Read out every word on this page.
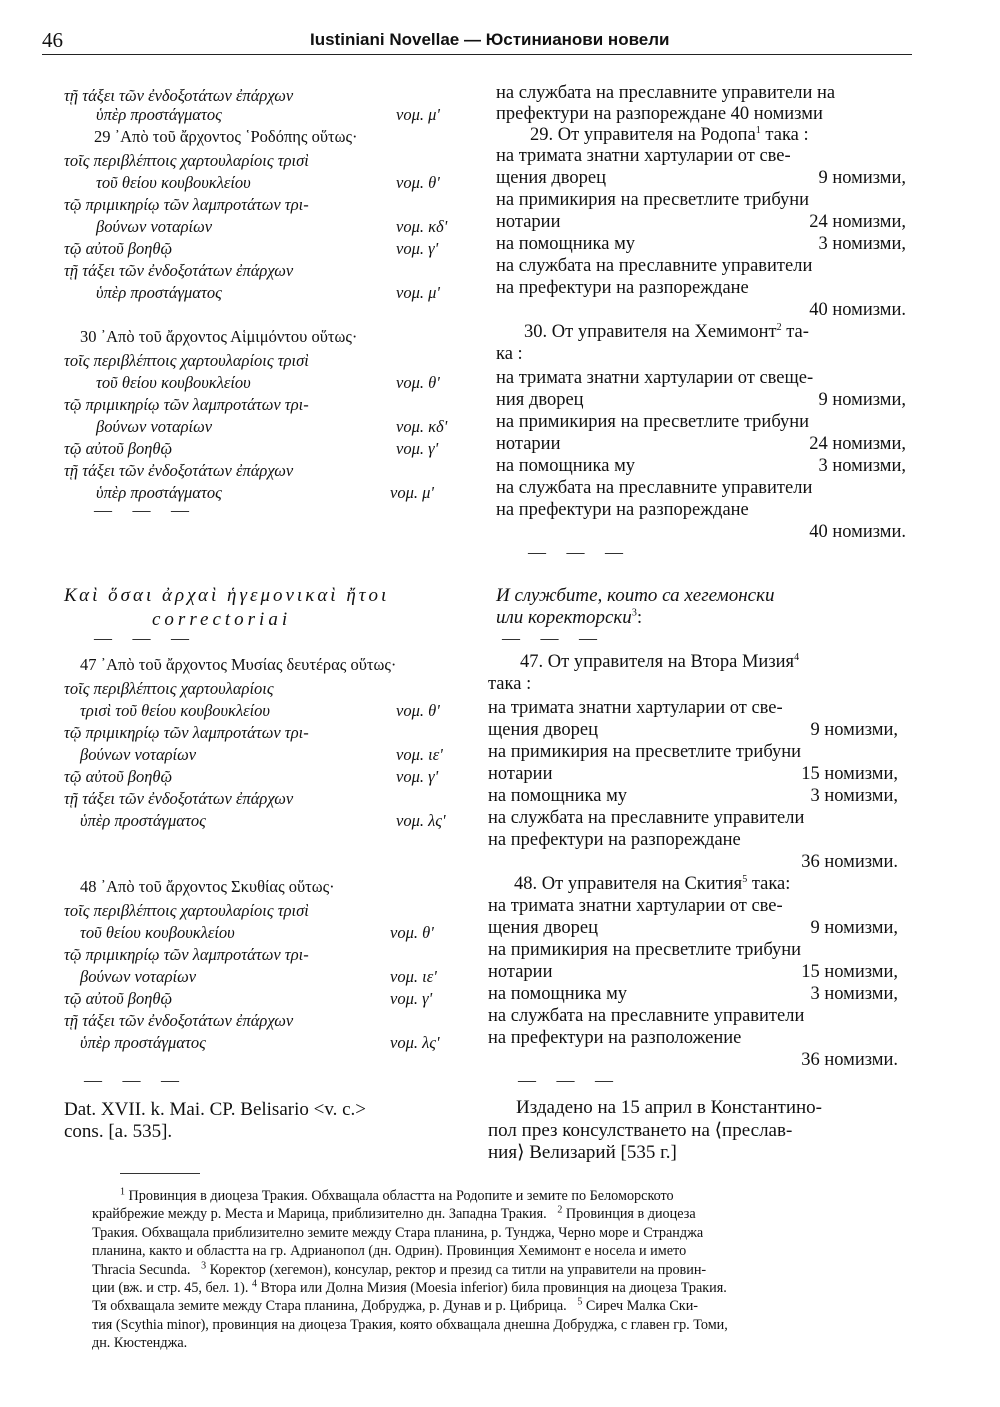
46	Iustiniani Novellae — Юстинианови новели
τῇ τάξει τῶν ἐνδοξοτάτων ἐπάρχων
ὑπὲρ προστάγματος	νομ. μ'
29 ᾿Απὸ τοῦ ἄρχοντος ῾Ροδόπης οὕτως·
τοῖς περιβλέπτοις χαρτουλαρίοις τρισὶ
τοῦ θείου κουβουκλείου	νομ. θ'
τῷ πριμικηρίῳ τῶν λαμπροτάτων τρι-
βούνων νοταρίων	νομ. κδ'
τῷ αὐτοῦ βοηθῷ	νομ. γ'
τῇ τάξει τῶν ἐνδοξοτάτων ἐπάρχων
ὑπὲρ προστάγματος	νομ. μ'
30 ᾿Απὸ τοῦ ἄρχοντος Αἱμιμόντου οὕτως·
τοῖς περιβλέπτοις χαρτουλαρίοις τρισὶ
τοῦ θείου κουβουκλείου	νομ. θ'
τῷ πριμικηρίῳ τῶν λαμπροτάτων τρι-
βούνων νοταρίων	νομ. κδ'
τῷ αὐτοῦ βοηθῷ	νομ. γ'
τῇ τάξει τῶν ἐνδοξοτάτων ἐπάρχων
ὑπὲρ προστάγματος	νομ. μ'
— — —
Καὶ ὅσαι ἀρχαὶ ἡγεμονικαὶ ἤτοι
correctoriai
— — —
47 ᾿Απὸ τοῦ ἄρχοντος Μυσίας δευτέρας οὕτως·
τοῖς περιβλέπτοις χαρτουλαρίοις
τρισὶ τοῦ θείου κουβουκλείου	νομ. θ'
τῷ πριμικηρίῳ τῶν λαμπροτάτων τρι-
βούνων νοταρίων	νομ. ιε'
τῷ αὐτοῦ βοηθῷ	νομ. γ'
τῇ τάξει τῶν ἐνδοξοτάτων ἐπάρχων
ὑπὲρ προστάγματος	νομ. λς'
48 ᾿Απὸ τοῦ ἄρχοντος Σκυθίας οὕτως·
τοῖς περιβλέπτοις χαρτουλαρίοις τρισὶ
τοῦ θείου κουβουκλείου	νομ. θ'
τῷ πριμικηρίῳ τῶν λαμπροτάτων τρι-
βούνων νοταρίων	νομ. ιε'
τῷ αὐτοῦ βοηθῷ	νομ. γ'
τῇ τάξει τῶν ἐνδοξοτάτων ἐπάρχων
ὑπὲρ προστάγματος	νομ. λς'
— — —
Dat. XVII. k. Mai. CP. Belisario <v. c.>
cons. [a. 535].
на службата на преславните управители на
префектури на разпореждане 40 номизми
29. От управителя на Родопа$^1$ така :
на тримата знатни хартуларии от све-
щения дворец	9 номизми,
на примикирия на пресветлите трибуни
нотарии	24 номизми,
на помощника му	3 номизми,
на службата на преславните управители
на префектури на разпореждане
40 номизми.
30. От управителя на Хемимонт$^2$ та-
ка :
на тримата знатни хартуларии от свеще-
ния дворец	9 номизми,
на примикирия на пресветлите трибуни
нотарии	24 номизми,
на помощника му	3 номизми,
на службата на преславните управители
на префектури на разпореждане
40 номизми.
— — —
И службите, които са хегемонски
или коректорски$^3$:
— — —
47. От управителя на Втора Мизия$^4$
така :
на тримата знатни хартуларии от све-
щения дворец	9 номизми,
на примикирия на пресветлите трибуни
нотарии	15 номизми,
на помощника му	3 номизми,
на службата на преславните управители
на префектури на разпореждане
36 номизми.
48. От управителя на Скития$^5$ така:
на тримата знатни хартуларии от све-
щения дворец	9 номизми,
на примикирия на пресветлите трибуни
нотарии	15 номизми,
на помощника му	3 номизми,
на службата на преславните управители
на префектури на разположение
36 номизми.
— — —
Издадено на 15 април в Константино-
пол през консулстването на ⟨преслав-
ния⟩ Велизарий [535 г.]
$^1$ Провинция в диоцеза Тракия. Обхващала областта на Родопите и земите по Беломорското
крайбрежие между р. Места и Марица, приблизително дн. Западна Тракия. $^2$ Провинция в диоцеза
Тракия. Обхващала приблизително земите между Стара планина, р. Тунджа, Черно море и Странджа
планина, както и областта на гр. Адрианопол (дн. Одрин). Провинция Хемимонт е носела и името
Thracia Secunda. $^3$ Коректор (хегемон), консулар, ректор и презид са титли на управители на провин-
ции (вж. и стр. 45, бел. 1). $^4$ Втора или Долна Мизия (Moesia inferior) била провинция на диоцеза Тракия.
Тя обхващала земите между Стара планина, Добруджа, р. Дунав и р. Цибрица. $^5$ Сиреч Малка Ски-
тия (Scythia minor), провинция на диоцеза Тракия, която обхващала днешна Добруджа, с главен гр. Томи,
дн. Кюстенджа.
